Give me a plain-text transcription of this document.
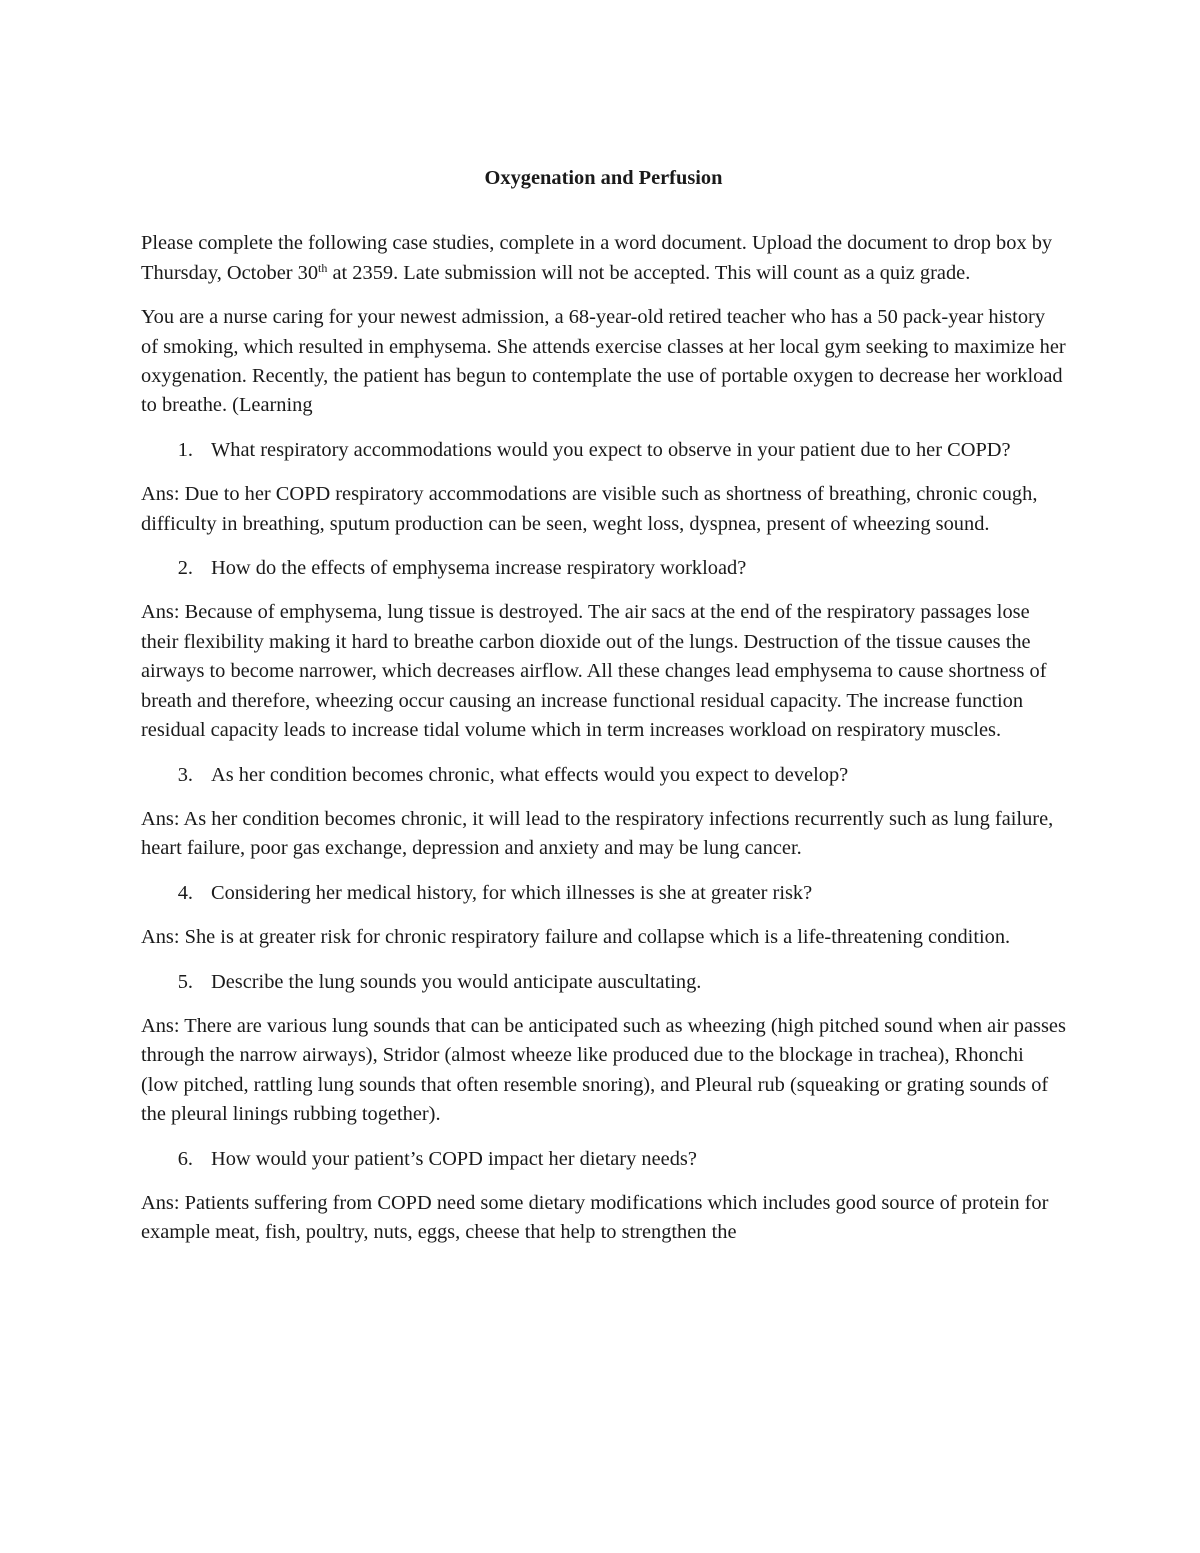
Oxygenation and Perfusion

Please complete the following case studies, complete in a word document. Upload the document to drop box by Thursday, October 30th at 2359. Late submission will not be accepted. This will count as a quiz grade.

You are a nurse caring for your newest admission, a 68-year-old retired teacher who has a 50 pack-year history of smoking, which resulted in emphysema. She attends exercise classes at her local gym seeking to maximize her oxygenation. Recently, the patient has begun to contemplate the use of portable oxygen to decrease her workload to breathe. (Learning

1. What respiratory accommodations would you expect to observe in your patient due to her COPD?

Ans: Due to her COPD respiratory accommodations are visible such as shortness of breathing, chronic cough, difficulty in breathing, sputum production can be seen, weght loss, dyspnea, present of wheezing sound.

2. How do the effects of emphysema increase respiratory workload?

Ans: Because of emphysema, lung tissue is destroyed. The air sacs at the end of the respiratory passages lose their flexibility making it hard to breathe carbon dioxide out of the lungs. Destruction of the tissue causes the airways to become narrower, which decreases airflow. All these changes lead emphysema to cause shortness of breath and therefore, wheezing occur causing an increase functional residual capacity. The increase function residual capacity leads to increase tidal volume which in term increases workload on respiratory muscles.

3. As her condition becomes chronic, what effects would you expect to develop?

Ans: As her condition becomes chronic, it will lead to the respiratory infections recurrently such as lung failure, heart failure, poor gas exchange, depression and anxiety and may be lung cancer.

4. Considering her medical history, for which illnesses is she at greater risk?

Ans: She is at greater risk for chronic respiratory failure and collapse which is a life-threatening condition.

5. Describe the lung sounds you would anticipate auscultating.

Ans: There are various lung sounds that can be anticipated such as wheezing (high pitched sound when air passes through the narrow airways), Stridor (almost wheeze like produced due to the blockage in trachea), Rhonchi (low pitched, rattling lung sounds that often resemble snoring), and Pleural rub (squeaking or grating sounds of the pleural linings rubbing together).

6. How would your patient’s COPD impact her dietary needs?

Ans: Patients suffering from COPD need some dietary modifications which includes good source of protein for example meat, fish, poultry, nuts, eggs, cheese that help to strengthen the
